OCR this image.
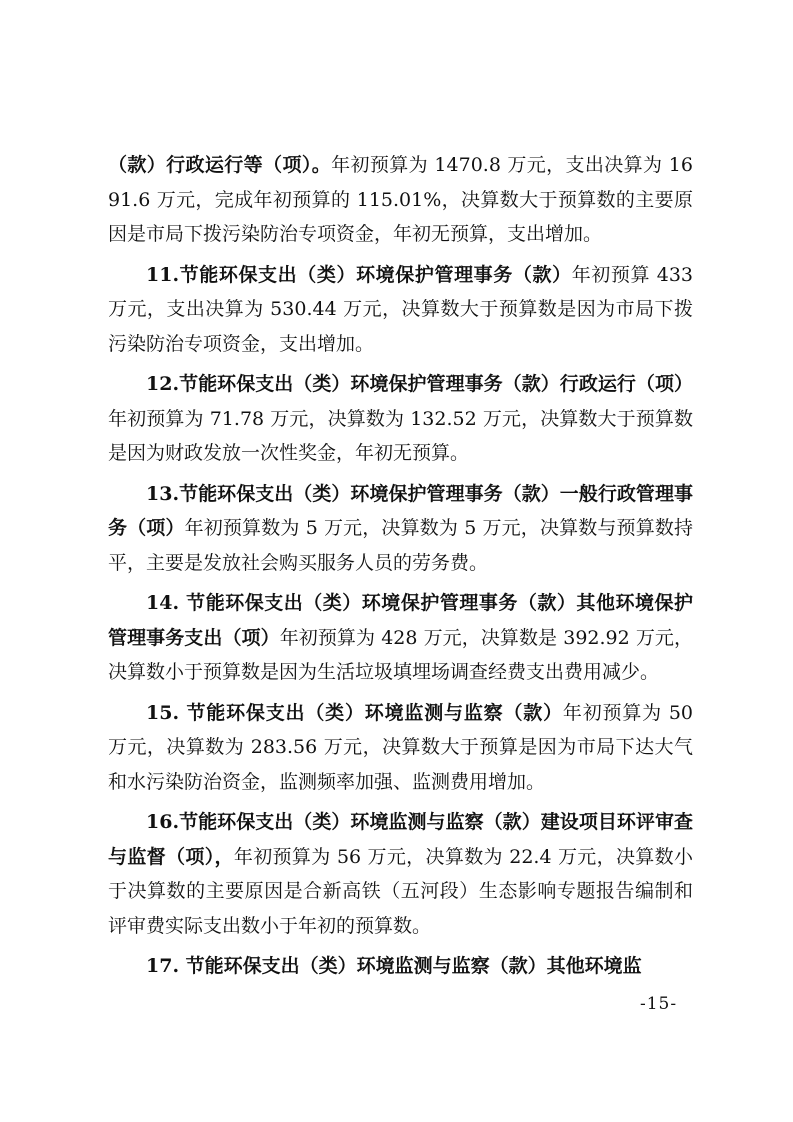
（款）行政运行等（项）。年初预算为 1470.8 万元，支出决算为 1691.6 万元，完成年初预算的 115.01%，决算数大于预算数的主要原因是市局下拨污染防治专项资金，年初无预算，支出增加。

11.节能环保支出（类）环境保护管理事务（款）年初预算 433 万元，支出决算为 530.44 万元，决算数大于预算数是因为市局下拨污染防治专项资金，支出增加。

12.节能环保支出（类）环境保护管理事务（款）行政运行（项）年初预算为 71.78 万元，决算数为 132.52 万元，决算数大于预算数是因为财政发放一次性奖金，年初无预算。

13.节能环保支出（类）环境保护管理事务（款）一般行政管理事务（项）年初预算数为 5 万元，决算数为 5 万元，决算数与预算数持平，主要是发放社会购买服务人员的劳务费。

14. 节能环保支出（类）环境保护管理事务（款）其他环境保护管理事务支出（项）年初预算为 428 万元，决算数是 392.92 万元，决算数小于预算数是因为生活垃圾填埋场调查经费支出费用减少。

15. 节能环保支出（类）环境监测与监察（款）年初预算为 50 万元，决算数为 283.56 万元，决算数大于预算是因为市局下达大气和水污染防治资金，监测频率加强、监测费用增加。

16.节能环保支出（类）环境监测与监察（款）建设项目环评审查与监督（项），年初预算为 56 万元，决算数为 22.4 万元，决算数小于决算数的主要原因是合新高铁（五河段）生态影响专题报告编制和评审费实际支出数小于年初的预算数。

17. 节能环保支出（类）环境监测与监察（款）其他环境监

-15-
